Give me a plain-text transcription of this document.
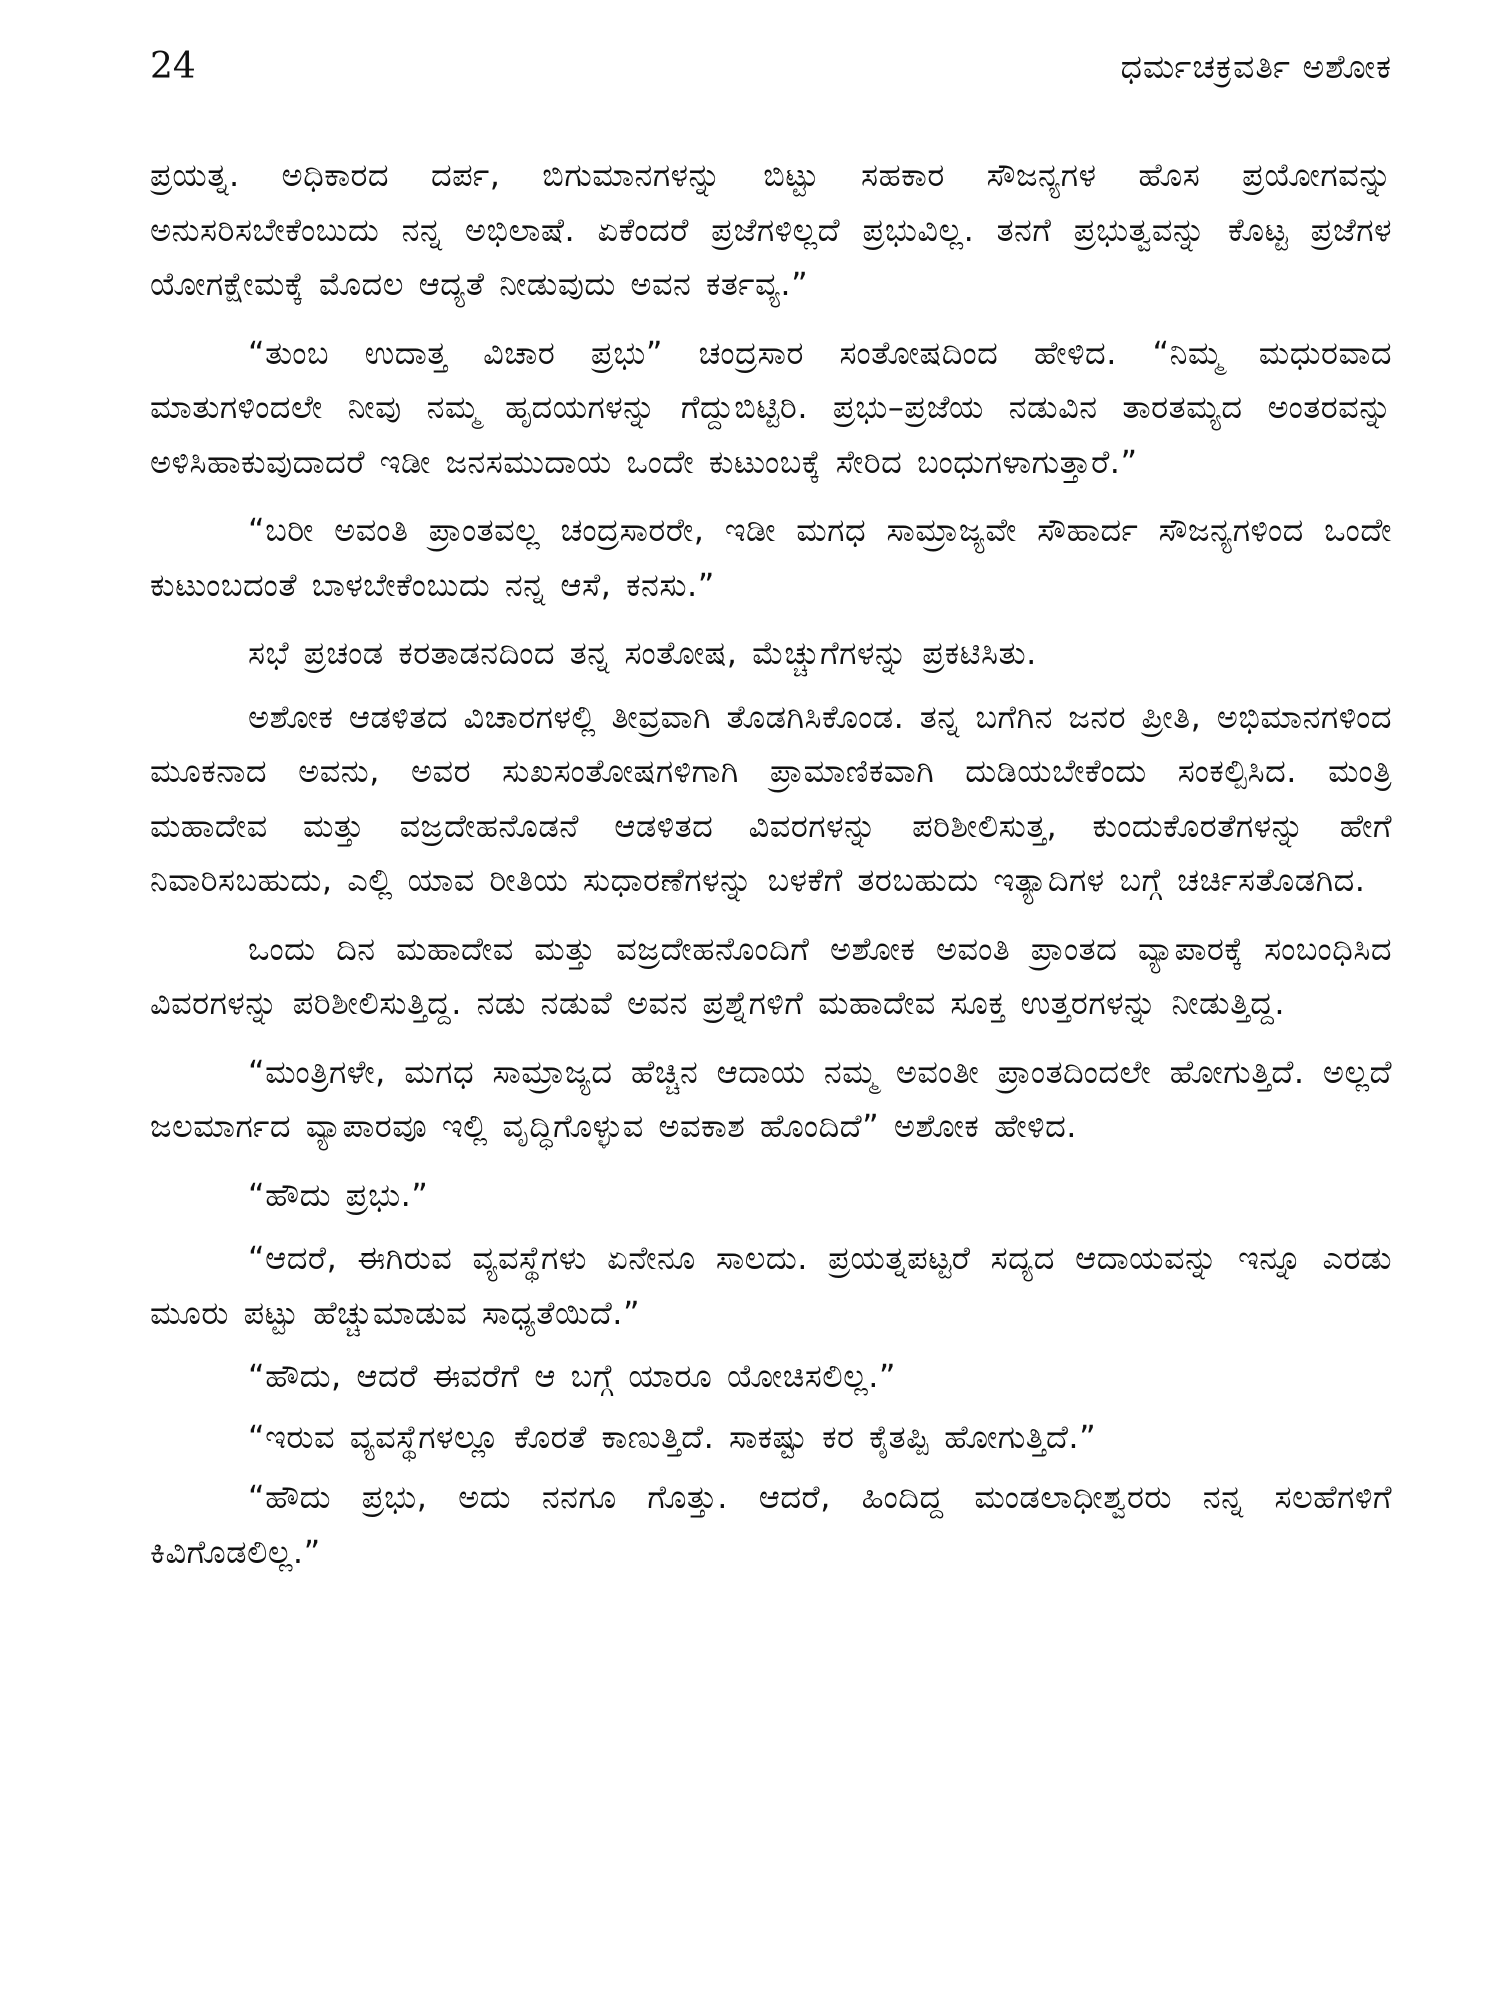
24	ಧರ್ಮಚಕ್ರವರ್ತಿ ಅಶೋಕ

ಪ್ರಯತ್ನ. ಅಧಿಕಾರದ ದರ್ಪ, ಬಿಗುಮಾನಗಳನ್ನು ಬಿಟ್ಟು ಸಹಕಾರ ಸೌಜನ್ಯಗಳ ಹೊಸ ಪ್ರಯೋಗವನ್ನು ಅನುಸರಿಸಬೇಕೆಂಬುದು ನನ್ನ ಅಭಿಲಾಷೆ. ಏಕೆಂದರೆ ಪ್ರಜೆಗಳಿಲ್ಲದೆ ಪ್ರಭುವಿಲ್ಲ. ತನಗೆ ಪ್ರಭುತ್ವವನ್ನು ಕೊಟ್ಟ ಪ್ರಜೆಗಳ ಯೋಗಕ್ಷೇಮಕ್ಕೆ ಮೊದಲ ಆದ್ಯತೆ ನೀಡುವುದು ಅವನ ಕರ್ತವ್ಯ.”

“ತುಂಬ ಉದಾತ್ತ ವಿಚಾರ ಪ್ರಭು” ಚಂದ್ರಸಾರ ಸಂತೋಷದಿಂದ ಹೇಳಿದ. “ನಿಮ್ಮ ಮಧುರವಾದ ಮಾತುಗಳಿಂದಲೇ ನೀವು ನಮ್ಮ ಹೃದಯಗಳನ್ನು ಗೆದ್ದುಬಿಟ್ಟಿರಿ. ಪ್ರಭು–ಪ್ರಜೆಯ ನಡುವಿನ ತಾರತಮ್ಯದ ಅಂತರವನ್ನು ಅಳಿಸಿಹಾಕುವುದಾದರೆ ಇಡೀ ಜನಸಮುದಾಯ ಒಂದೇ ಕುಟುಂಬಕ್ಕೆ ಸೇರಿದ ಬಂಧುಗಳಾಗುತ್ತಾರೆ.”

“ಬರೀ ಅವಂತಿ ಪ್ರಾಂತವಲ್ಲ ಚಂದ್ರಸಾರರೇ, ಇಡೀ ಮಗಧ ಸಾಮ್ರಾಜ್ಯವೇ ಸೌಹಾರ್ದ ಸೌಜನ್ಯಗಳಿಂದ ಒಂದೇ ಕುಟುಂಬದಂತೆ ಬಾಳಬೇಕೆಂಬುದು ನನ್ನ ಆಸೆ, ಕನಸು.”

ಸಭೆ ಪ್ರಚಂಡ ಕರತಾಡನದಿಂದ ತನ್ನ ಸಂತೋಷ, ಮೆಚ್ಚುಗೆಗಳನ್ನು ಪ್ರಕಟಿಸಿತು.

ಅಶೋಕ ಆಡಳಿತದ ವಿಚಾರಗಳಲ್ಲಿ ತೀವ್ರವಾಗಿ ತೊಡಗಿಸಿಕೊಂಡ. ತನ್ನ ಬಗೆಗಿನ ಜನರ ಪ್ರೀತಿ, ಅಭಿಮಾನಗಳಿಂದ ಮೂಕನಾದ ಅವನು, ಅವರ ಸುಖಸಂತೋಷಗಳಿಗಾಗಿ ಪ್ರಾಮಾಣಿಕವಾಗಿ ದುಡಿಯಬೇಕೆಂದು ಸಂಕಲ್ಪಿಸಿದ. ಮಂತ್ರಿ ಮಹಾದೇವ ಮತ್ತು ವಜ್ರದೇಹನೊಡನೆ ಆಡಳಿತದ ವಿವರಗಳನ್ನು ಪರಿಶೀಲಿಸುತ್ತ, ಕುಂದುಕೊರತೆಗಳನ್ನು ಹೇಗೆ ನಿವಾರಿಸಬಹುದು, ಎಲ್ಲಿ ಯಾವ ರೀತಿಯ ಸುಧಾರಣೆಗಳನ್ನು ಬಳಕೆಗೆ ತರಬಹುದು ಇತ್ಯಾದಿಗಳ ಬಗ್ಗೆ ಚರ್ಚಿಸತೊಡಗಿದ.

ಒಂದು ದಿನ ಮಹಾದೇವ ಮತ್ತು ವಜ್ರದೇಹನೊಂದಿಗೆ ಅಶೋಕ ಅವಂತಿ ಪ್ರಾಂತದ ವ್ಯಾಪಾರಕ್ಕೆ ಸಂಬಂಧಿಸಿದ ವಿವರಗಳನ್ನು ಪರಿಶೀಲಿಸುತ್ತಿದ್ದ. ನಡು ನಡುವೆ ಅವನ ಪ್ರಶ್ನೆಗಳಿಗೆ ಮಹಾದೇವ ಸೂಕ್ತ ಉತ್ತರಗಳನ್ನು ನೀಡುತ್ತಿದ್ದ.

“ಮಂತ್ರಿಗಳೇ, ಮಗಧ ಸಾಮ್ರಾಜ್ಯದ ಹೆಚ್ಚಿನ ಆದಾಯ ನಮ್ಮ ಅವಂತೀ ಪ್ರಾಂತದಿಂದಲೇ ಹೋಗುತ್ತಿದೆ. ಅಲ್ಲದೆ ಜಲಮಾರ್ಗದ ವ್ಯಾಪಾರವೂ ಇಲ್ಲಿ ವೃದ್ಧಿಗೊಳ್ಳುವ ಅವಕಾಶ ಹೊಂದಿದೆ” ಅಶೋಕ ಹೇಳಿದ.

“ಹೌದು ಪ್ರಭು.”

“ಆದರೆ, ಈಗಿರುವ ವ್ಯವಸ್ಥೆಗಳು ಏನೇನೂ ಸಾಲದು. ಪ್ರಯತ್ನಪಟ್ಟರೆ ಸದ್ಯದ ಆದಾಯವನ್ನು ಇನ್ನೂ ಎರಡು ಮೂರು ಪಟ್ಟು ಹೆಚ್ಚುಮಾಡುವ ಸಾಧ್ಯತೆಯಿದೆ.”

“ಹೌದು, ಆದರೆ ಈವರೆಗೆ ಆ ಬಗ್ಗೆ ಯಾರೂ ಯೋಚಿಸಲಿಲ್ಲ.”

“ಇರುವ ವ್ಯವಸ್ಥೆಗಳಲ್ಲೂ ಕೊರತೆ ಕಾಣುತ್ತಿದೆ. ಸಾಕಷ್ಟು ಕರ ಕೈತಪ್ಪಿ ಹೋಗುತ್ತಿದೆ.”

“ಹೌದು ಪ್ರಭು, ಅದು ನನಗೂ ಗೊತ್ತು. ಆದರೆ, ಹಿಂದಿದ್ದ ಮಂಡಲಾಧೀಶ್ವರರು ನನ್ನ ಸಲಹೆಗಳಿಗೆ ಕಿವಿಗೊಡಲಿಲ್ಲ.”
